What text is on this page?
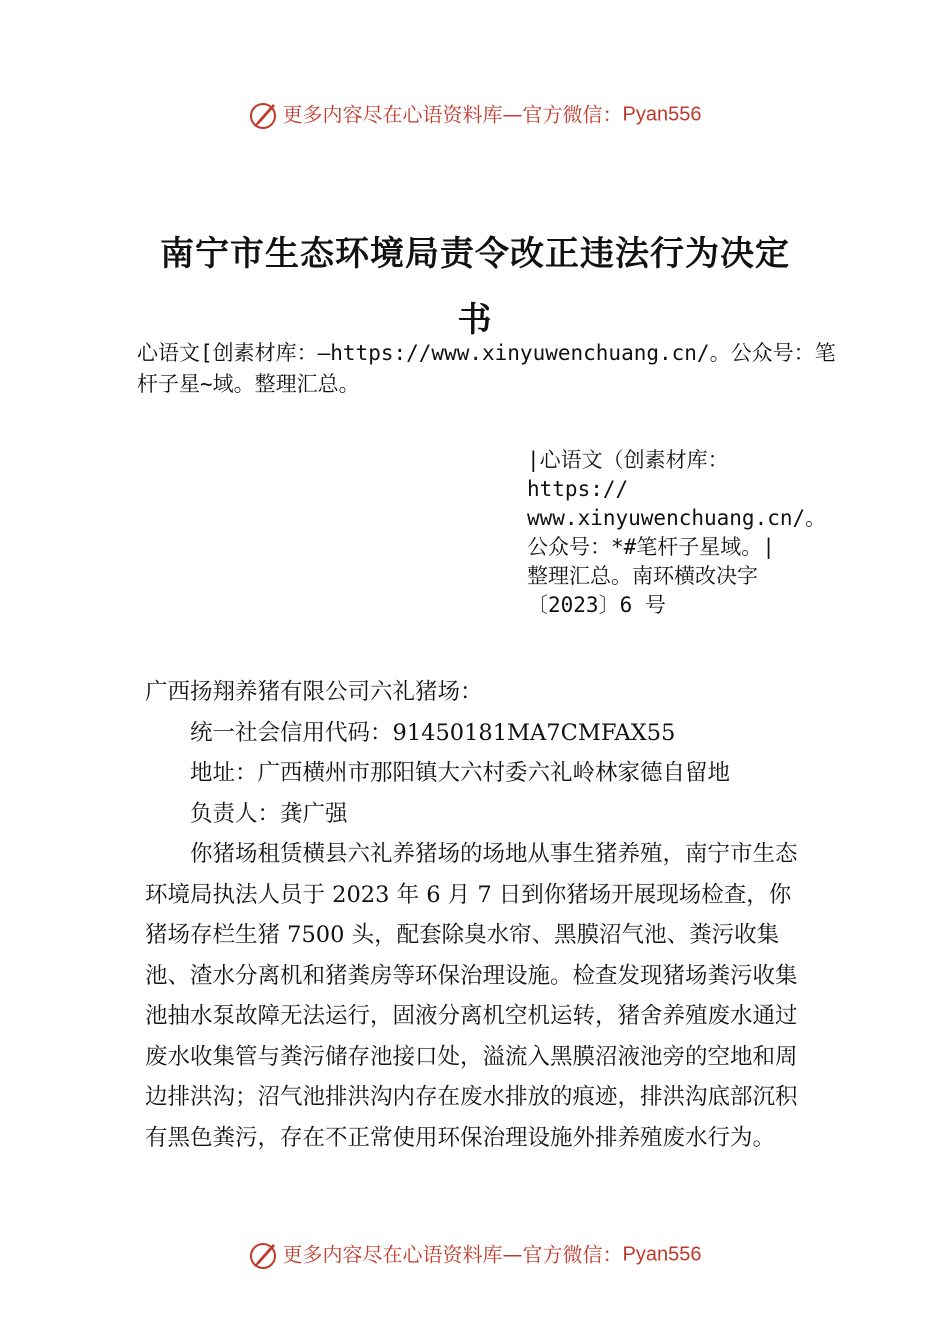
更多内容尽在心语资料库—官方微信：Pyan556
南宁市生态环境局责令改正违法行为决定
书
心语文[创素材库：—https://www.xinyuwenchuang.cn/。公众号：笔杆子星~域。整理汇总。
|心语文（创素材库：
https://
www.xinyuwenchuang.cn/。
公众号：*#笔杆子星域。|
整理汇总。南环横改决字
〔2023〕6 号

广西扬翔养猪有限公司六礼猪场：

统一社会信用代码：91450181MA7CMFAX55

地址：广西横州市那阳镇大六村委六礼岭林家德自留地

负责人：龚广强

你猪场租赁横县六礼养猪场的场地从事生猪养殖，南宁市生态环境局执法人员于 2023 年 6 月 7 日到你猪场开展现场检查，你猪场存栏生猪 7500 头，配套除臭水帘、黑膜沼气池、粪污收集池、渣水分离机和猪粪房等环保治理设施。检查发现猪场粪污收集池抽水泵故障无法运行，固液分离机空机运转，猪舍养殖废水通过废水收集管与粪污储存池接口处，溢流入黑膜沼液池旁的空地和周边排洪沟；沼气池排洪沟内存在废水排放的痕迹，排洪沟底部沉积有黑色粪污，存在不正常使用环保治理设施外排养殖废水行为。

更多内容尽在心语资料库—官方微信：Pyan556
